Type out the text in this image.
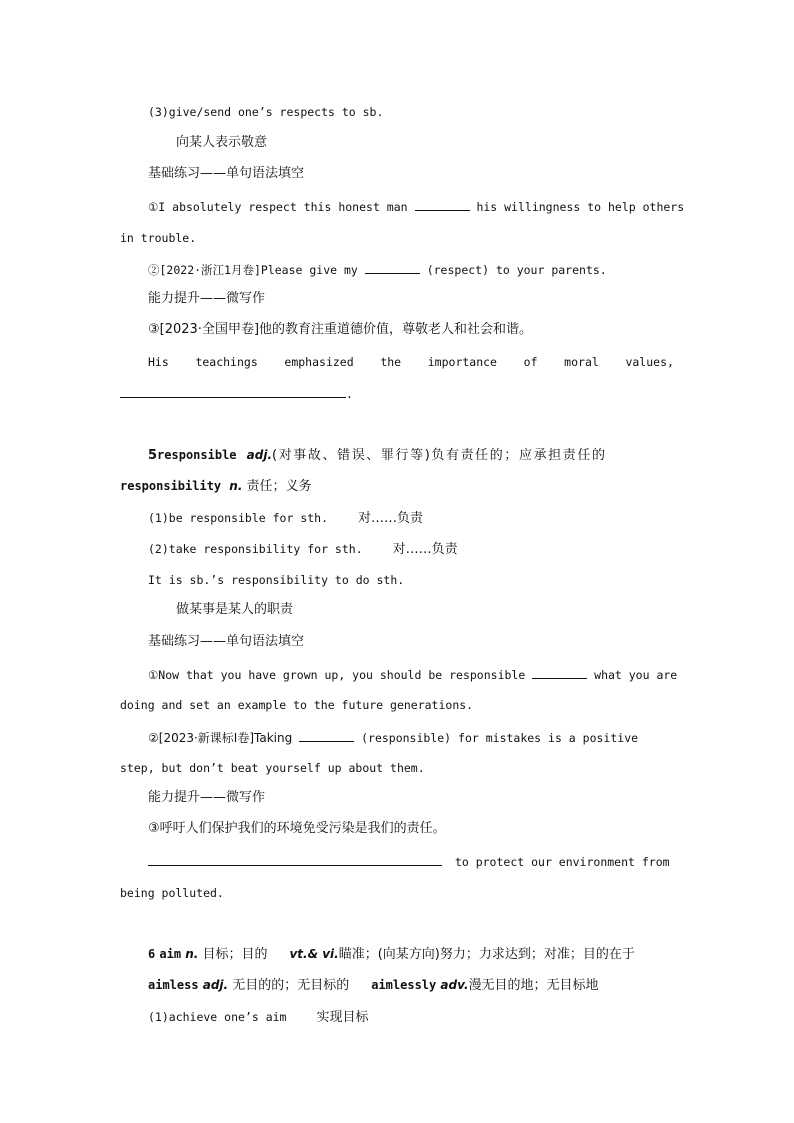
(3)give/send one’s respects to sb.
向某人表示敬意
基础练习——单句语法填空
①I absolutely respect this honest man	his willingness to help others
in trouble.
②[2022·浙江1月卷]Please give my	(respect) to your parents.
能力提升——微写作
③[2023·全国甲卷]他的教育注重道德价值，尊敬老人和社会和谐。
His teachings emphasized the importance of moral values,
.
5responsible adj.(对事故、错误、罪行等)负有责任的；应承担责任的
responsibility n. 责任；义务
(1)be responsible for sth. 对……负责
(2)take responsibility for sth. 对……负责
It is sb.’s responsibility to do sth.
做某事是某人的职责
基础练习——单句语法填空
①Now that you have grown up, you should be responsible	what you are
doing and set an example to the future generations.
②[2023·新课标Ⅰ卷]Taking	(responsible) for mistakes is a positive
step, but don’t beat yourself up about them.
能力提升——微写作
③呼吁人们保护我们的环境免受污染是我们的责任。
to protect our environment from
being polluted.
6 aim n. 目标；目的 vt.& vi.瞄准；(向某方向)努力；力求达到；对准；目的在于
aimless adj. 无目的的；无目标的 aimlessly adv.漫无目的地；无目标地
(1)achieve one’s aim 实现目标
